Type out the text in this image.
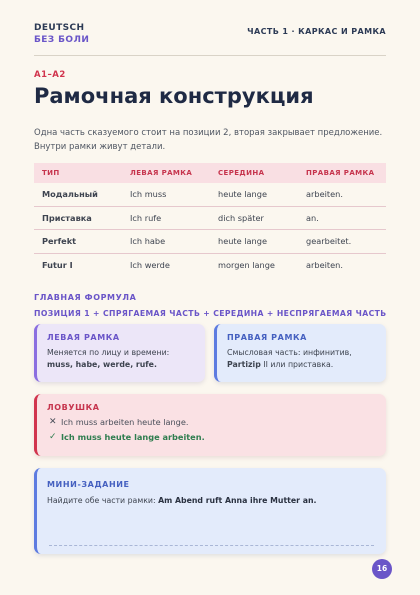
DEUTSCH
БЕЗ БОЛИ
ЧАСТЬ 1 · КАРКАС И РАМКА
A1–A2
Рамочная конструкция
Одна часть сказуемого стоит на позиции 2, вторая закрывает предложение. Внутри рамки живут детали.
ТИП	ЛЕВАЯ РАМКА	СЕРЕДИНА	ПРАВАЯ РАМКА
Модальный	Ich muss	heute lange	arbeiten.
Приставка	Ich rufe	dich später	an.
Perfekt	Ich habe	heute lange	gearbeitet.
Futur I	Ich werde	morgen lange	arbeiten.
ГЛАВНАЯ ФОРМУЛА
ПОЗИЦИЯ 1 + СПРЯГАЕМАЯ ЧАСТЬ + СЕРЕДИНА + НЕСПРЯГАЕМАЯ ЧАСТЬ
ЛЕВАЯ РАМКА

Меняется по лицу и времени:
muss, habe, werde, rufe.

ПРАВАЯ РАМКА

Смысловая часть: инфинитив,
Partizip II или приставка.

ЛОВУШКА
✕ Ich muss arbeiten heute lange.
✓ Ich muss heute lange arbeiten.
МИНИ-ЗАДАНИЕ

Найдите обе части рамки: Am Abend ruft Anna ihre Mutter an.

16
